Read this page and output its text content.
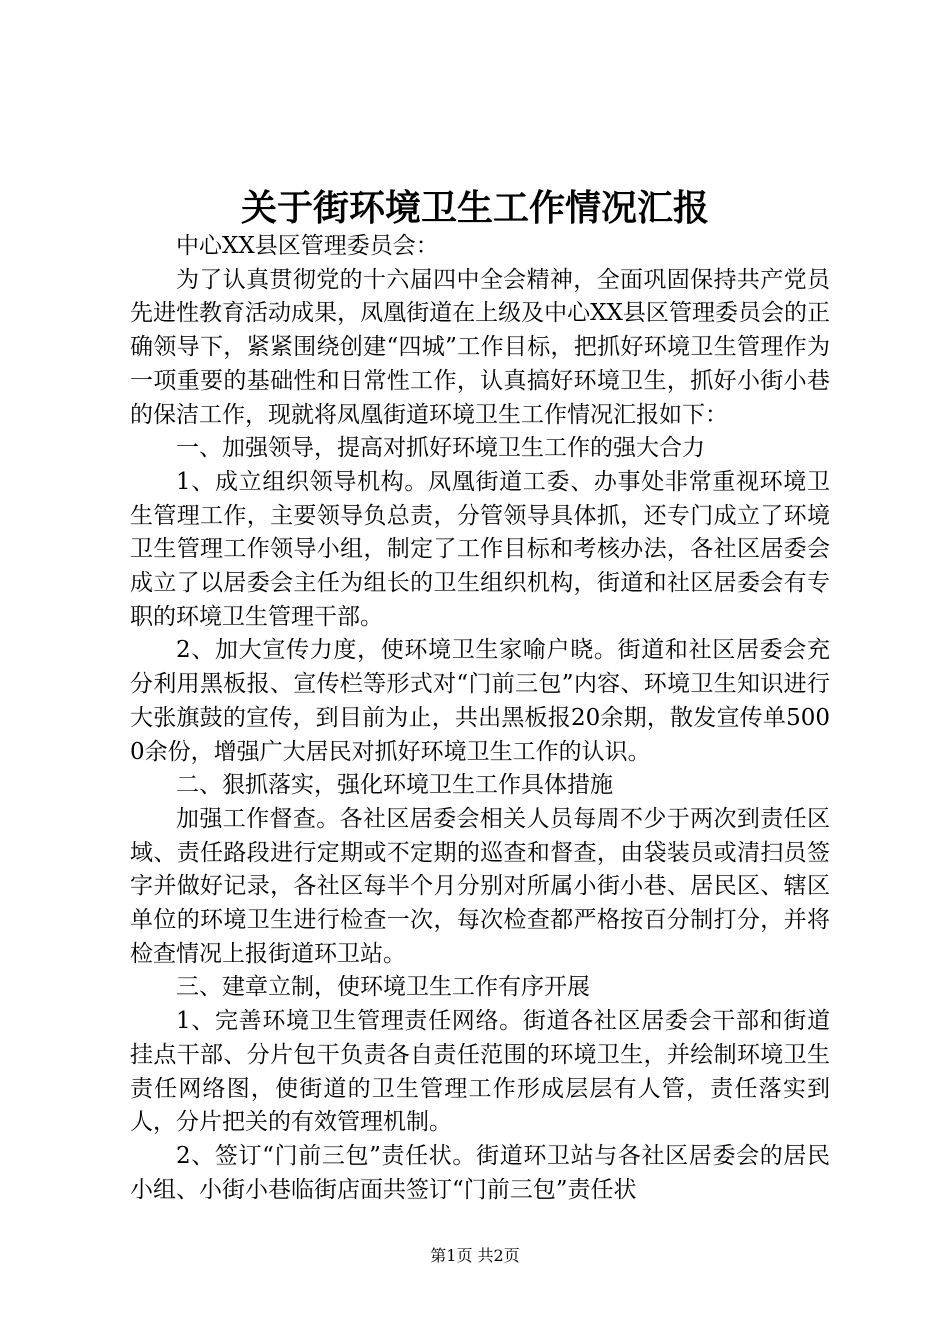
关于街环境卫生工作情况汇报

中心XX县区管理委员会：

为了认真贯彻党的十六届四中全会精神，全面巩固保持共产党员先进性教育活动成果，凤凰街道在上级及中心XX县区管理委员会的正确领导下，紧紧围绕创建“四城”工作目标，把抓好环境卫生管理作为一项重要的基础性和日常性工作，认真搞好环境卫生，抓好小街小巷的保洁工作，现就将凤凰街道环境卫生工作情况汇报如下：

一、加强领导，提高对抓好环境卫生工作的强大合力

1、成立组织领导机构。凤凰街道工委、办事处非常重视环境卫生管理工作，主要领导负总责，分管领导具体抓，还专门成立了环境卫生管理工作领导小组，制定了工作目标和考核办法，各社区居委会成立了以居委会主任为组长的卫生组织机构，街道和社区居委会有专职的环境卫生管理干部。

2、加大宣传力度，使环境卫生家喻户晓。街道和社区居委会充分利用黑板报、宣传栏等形式对“门前三包”内容、环境卫生知识进行大张旗鼓的宣传，到目前为止，共出黑板报20余期，散发宣传单5000余份，增强广大居民对抓好环境卫生工作的认识。

二、狠抓落实，强化环境卫生工作具体措施

加强工作督查。各社区居委会相关人员每周不少于两次到责任区域、责任路段进行定期或不定期的巡查和督查，由袋装员或清扫员签字并做好记录，各社区每半个月分别对所属小街小巷、居民区、辖区单位的环境卫生进行检查一次，每次检查都严格按百分制打分，并将检查情况上报街道环卫站。

三、建章立制，使环境卫生工作有序开展

1、完善环境卫生管理责任网络。街道各社区居委会干部和街道挂点干部、分片包干负责各自责任范围的环境卫生，并绘制环境卫生责任网络图，使街道的卫生管理工作形成层层有人管，责任落实到人，分片把关的有效管理机制。

2、签订“门前三包”责任状。街道环卫站与各社区居委会的居民小组、小街小巷临街店面共签订“门前三包”责任状

第1页 共2页
